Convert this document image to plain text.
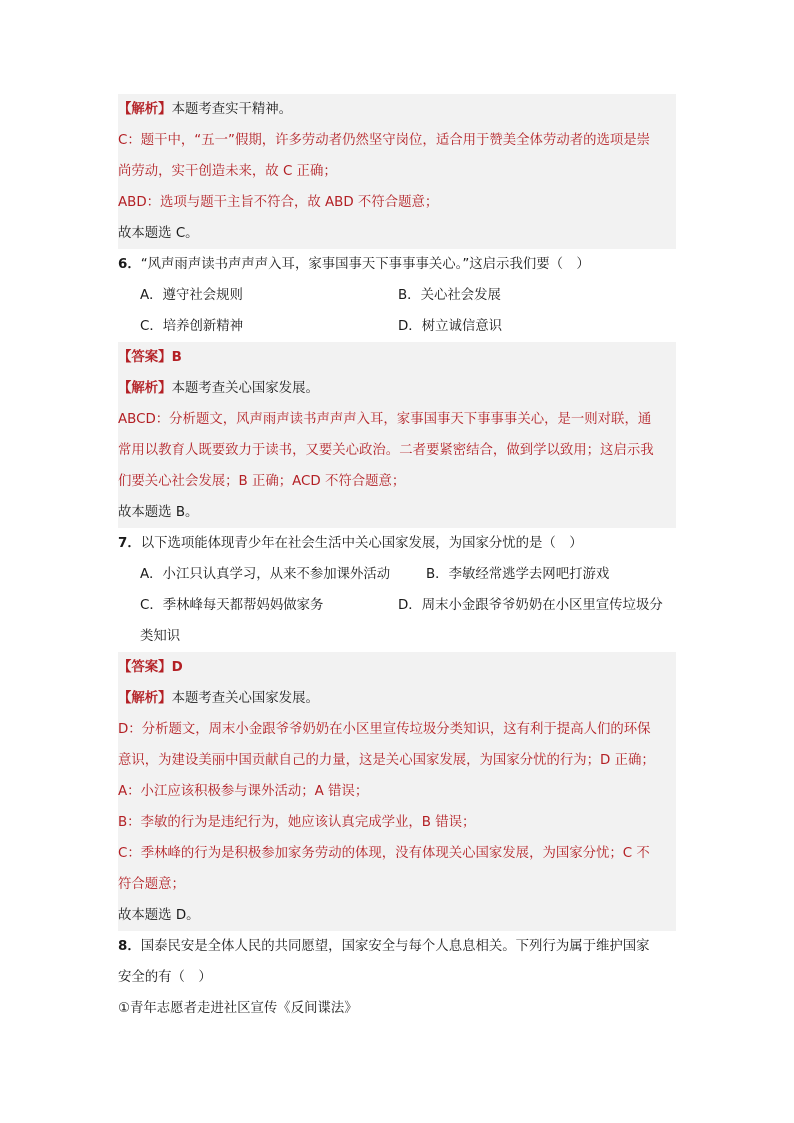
【解析】本题考查实干精神。
C：题干中，“五一”假期，许多劳动者仍然坚守岗位，适合用于赞美全体劳动者的选项是崇
尚劳动，实干创造未来，故 C 正确；
ABD：选项与题干主旨不符合，故 ABD 不符合题意；
故本题选 C。
6．“风声雨声读书声声声入耳，家事国事天下事事事关心。”这启示我们要（　）
A．遵守社会规则	B．关心社会发展
C．培养创新精神	D．树立诚信意识
【答案】B
【解析】本题考查关心国家发展。
ABCD：分析题文，风声雨声读书声声声入耳，家事国事天下事事事关心，是一则对联，通
常用以教育人既要致力于读书，又要关心政治。二者要紧密结合，做到学以致用；这启示我
们要关心社会发展；B 正确；ACD 不符合题意；
故本题选 B。
7．以下选项能体现青少年在社会生活中关心国家发展，为国家分忧的是（　）
A．小江只认真学习，从来不参加课外活动	B．李敏经常逃学去网吧打游戏
C．季林峰每天都帮妈妈做家务	D．周末小金跟爷爷奶奶在小区里宣传垃圾分
类知识
【答案】D
【解析】本题考查关心国家发展。
D：分析题文，周末小金跟爷爷奶奶在小区里宣传垃圾分类知识，这有利于提高人们的环保
意识，为建设美丽中国贡献自己的力量，这是关心国家发展，为国家分忧的行为；D 正确；
A：小江应该积极参与课外活动；A 错误；
B：李敏的行为是违纪行为，她应该认真完成学业，B 错误；
C：季林峰的行为是积极参加家务劳动的体现，没有体现关心国家发展，为国家分忧；C 不
符合题意；
故本题选 D。
8．国泰民安是全体人民的共同愿望，国家安全与每个人息息相关。下列行为属于维护国家
安全的有（　）
①青年志愿者走进社区宣传《反间谍法》
